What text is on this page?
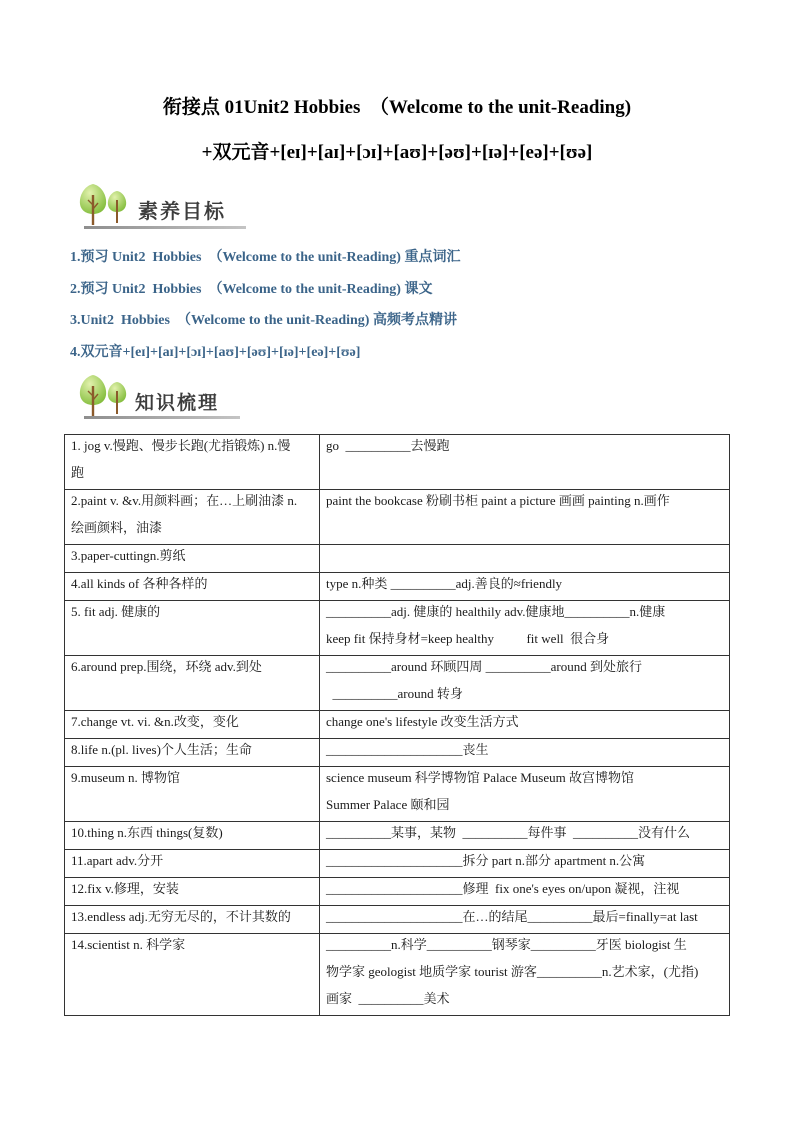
衔接点 01Unit2 Hobbies  （Welcome to the unit-Reading)
+双元音+[eɪ]+[aɪ]+[ɔɪ]+[aʊ]+[əʊ]+[ɪə]+[eə]+[ʊə]
素养目标
1.预习 Unit2  Hobbies  （Welcome to the unit-Reading) 重点词汇
2.预习 Unit2  Hobbies  （Welcome to the unit-Reading) 课文
3.Unit2  Hobbies  （Welcome to the unit-Reading) 高频考点精讲
4.双元音+[eɪ]+[aɪ]+[ɔɪ]+[aʊ]+[əʊ]+[ɪə]+[eə]+[ʊə]
知识梳理
1. jog v.慢跑、慢步长跑(尤指锻炼) n.慢
跑	go  __________去慢跑

2.paint v. &v.用颜料画；在…上刷油漆 n.
绘画颜料，油漆	paint the bookcase 粉刷书柜 paint a picture 画画 painting n.画作

3.paper-cuttingn.剪纸	

4.all kinds of 各种各样的	type n.种类 __________adj.善良的≈friendly

5. fit adj. 健康的	__________adj. 健康的 healthily adv.健康地__________n.健康
keep fit 保持身材=keep healthy          fit well  很合身

6.around prep.围绕，环绕 adv.到处	__________around 环顾四周 __________around 到处旅行
__________around 转身

7.change vt. vi. &n.改变，变化	change one's lifestyle 改变生活方式

8.life n.(pl. lives)个人生活；生命	_____________________丧生

9.museum n. 博物馆	science museum 科学博物馆 Palace Museum 故宫博物馆
Summer Palace 颐和园

10.thing n.东西 things(复数)	__________某事，某物  __________每件事  __________没有什么

11.apart adv.分开	_____________________拆分 part n.部分 apartment n.公寓

12.fix v.修理，安装	_____________________修理  fix one's eyes on/upon 凝视，注视

13.endless adj.无穷无尽的，不计其数的	_____________________在…的结尾__________最后=finally=at last

14.scientist n. 科学家	__________n.科学__________钢琴家__________牙医 biologist 生
物学家 geologist 地质学家 tourist 游客__________n.艺术家，(尤指)
画家  __________美术
